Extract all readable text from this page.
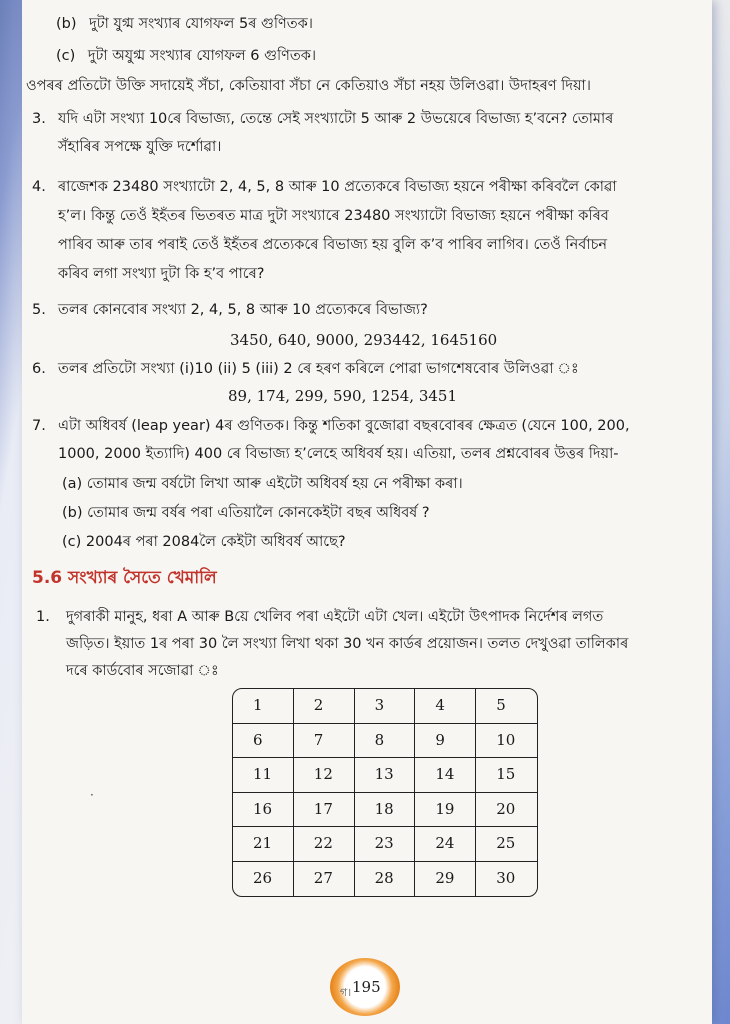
(b) দুটা যুগ্ম সংখ্যাৰ যোগফল 5ৰ গুণিতক।
(c) দুটা অযুগ্ম সংখ্যাৰ যোগফল 6 গুণিতক।
ওপৰৰ প্ৰতিটো উক্তি সদায়েই সঁচা, কেতিয়াবা সঁচা নে কেতিয়াও সঁচা নহয় উলিওৱা। উদাহৰণ দিয়া।
3. যদি এটা সংখ্যা 10ৰে বিভাজ্য, তেন্তে সেই সংখ্যাটো 5 আৰু 2 উভয়েৰে বিভাজ্য হ’বনে? তোমাৰ
সঁহাৰিৰ সপক্ষে যুক্তি দৰ্শোৱা।
4. ৰাজেশক 23480 সংখ্যাটো 2, 4, 5, 8 আৰু 10 প্ৰত্যেকৰে বিভাজ্য হয়নে পৰীক্ষা কৰিবলৈ কোৱা
হ’ল। কিন্তু তেওঁ ইহঁতৰ ভিতৰত মাত্ৰ দুটা সংখ্যাৰে 23480 সংখ্যাটো বিভাজ্য হয়নে পৰীক্ষা কৰিব
পাৰিব আৰু তাৰ পৰাই তেওঁ ইহঁতৰ প্ৰত্যেকৰে বিভাজ্য হয় বুলি ক’ব পাৰিব লাগিব। তেওঁ নিৰ্বাচন
কৰিব লগা সংখ্যা দুটা কি হ’ব পাৰে?
5. তলৰ কোনবোৰ সংখ্যা 2, 4, 5, 8 আৰু 10 প্ৰত্যেকৰে বিভাজ্য?
3450, 640, 9000, 293442, 1645160
6. তলৰ প্ৰতিটো সংখ্যা (i)10 (ii) 5 (iii) 2 ৰে হৰণ কৰিলে পোৱা ভাগশেষবোৰ উলিওৱা ঃ
89, 174, 299, 590, 1254, 3451
7. এটা অধিবৰ্ষ (leap year) 4ৰ গুণিতক। কিন্তু শতিকা বুজোৱা বছৰবোৰৰ ক্ষেত্ৰত (যেনে 100, 200,
1000, 2000 ইত্যাদি) 400 ৰে বিভাজ্য হ’লেহে অধিবৰ্ষ হয়। এতিয়া, তলৰ প্ৰশ্নবোৰৰ উত্তৰ দিয়া-
(a) তোমাৰ জন্ম বৰ্ষটো লিখা আৰু এইটো অধিবৰ্ষ হয় নে পৰীক্ষা কৰা।
(b) তোমাৰ জন্ম বৰ্ষৰ পৰা এতিয়ালৈ কোনকেইটা বছৰ অধিবৰ্ষ ?
(c) 2004ৰ পৰা 2084লৈ কেইটা অধিবৰ্ষ আছে?
5.6 সংখ্যাৰ সৈতে খেমালি
1. দুগৰাকী মানুহ, ধৰা A আৰু Bয়ে খেলিব পৰা এইটো এটা খেল। এইটো উৎপাদক নিৰ্দেশৰ লগত
জড়িত। ইয়াত 1ৰ পৰা 30 লৈ সংখ্যা লিখা থকা 30 খন কাৰ্ডৰ প্ৰয়োজন। তলত দেখুওৱা তালিকাৰ
দৰে কাৰ্ডবোৰ সজোৱা ঃ
·
1	2	3	4	5
6	7	8	9	10
11	12	13	14	15
16	17	18	19	20
21	22	23	24	25
26	27	28	29	30
গ। 195
